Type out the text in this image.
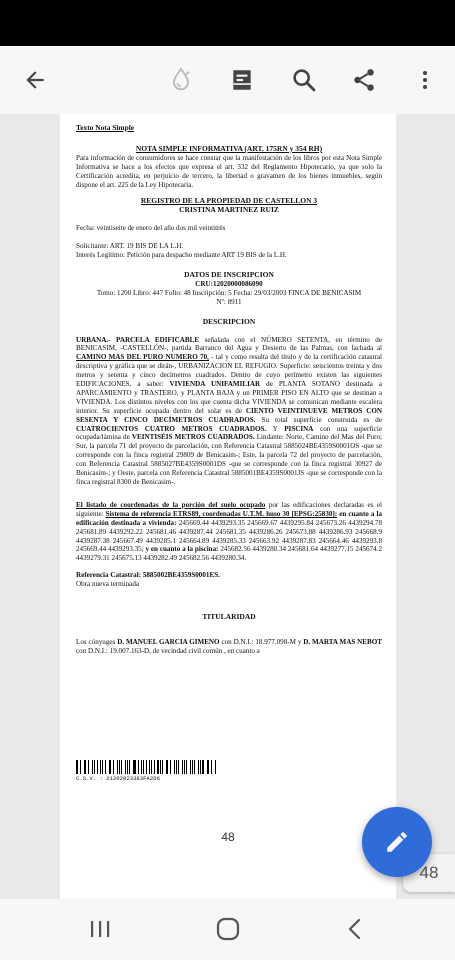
Texto Nota Simple
NOTA SIMPLE INFORMATIVA (ART. 175RN y 354 RH)

Para información de consumidores se hace constar que la manifestación de los libros por esta Nota Simple Informativa se hace a los efectos que expresa el art. 332 del Reglamento Hipotecario, ya que solo la Certificación acredita, en perjuicio de tercero, la libertad o gravamen de los bienes inmuebles, según dispone el art. 225 de la Ley Hipotecaria.

REGISTRO DE LA PROPIEDAD DE CASTELLON 3
CRISTINA MARTINEZ RUIZ

Fecha: veintiseite de enero del año dos mil veintitrés

Solicitante: ART. 19 BIS DE LA L.H.

Interés Legítimo: Petición para despacho mediante ART 19 BIS de la L.H.

DATOS DE INSCRIPCION
CRU:12020000086090
Tomo: 1200 Libro: 447 Folio: 48 Inscripción: 5 Fecha: 29/03/2003 FINCA DE BENICASIM Nº: 8911
DESCRIPCION

URBANA.- PARCELA EDIFICABLE señalada con el NÚMERO SETENTA, en término de BENICASIM, -CASTELLÓN-, partida Barranco del Agua y Desierto de las Palmas, con fachada al CAMINO MAS DEL PURO NUMERO 70, - tal y como resulta del título y de la certificación catastral descriptiva y gráfica que se dirán-, URBANIZACION EL REFUGIO. Superficie: seiscientos treinta y dos metros y setenta y cinco decímetros cuadrados. Dentro de cuyo perímetro existen las siguientes EDIFICACIONES, a saber: VIVIENDA UNIFAMILIAR de PLANTA SOTANO destinada a APARCAMIENTO y TRASTERO, y PLANTA BAJA y un PRIMER PISO EN ALTO que se destinan a VIVIENDA. Los distintos niveles con los que cuenta dicha VIVIENDA se comunican mediante escalera interior. Su superficie ocupada dentro del solar es de CIENTO VEINTINUEVE METROS CON SESENTA Y CINCO DECÍMETROS CUADRADOS. Su total superficie construida es de CUATROCIENTOS CUATRO METROS CUADRADOS. Y PISCINA con una superficie ocupada/lámina de VEINTISÉIS METROS CUADRADOS. Lindante: Norte, Camino del Mas del Puro; Sur, la parcela 71 del proyecto de parcelación, con Referencia Catastral 5885024BE4359S0001OS -que se corresponde con la finca registral 29809 de Benicasim-; Este, la parcela 72 del proyecto de parcelación, con Referencia Catastral 5885027BE4359S0001DS -que se corresponde con la finca registral 30927 de Benicasim-; y Oeste, parcela con Referencia Catastral 5885001BE4359S0001JS -que se corresponde con la finca registral 8300 de Benicasim-.

El listado de coordenadas de la porción del suelo ocupado por las edificaciones declaradas es el siguiente: Sistema de referencia ETRS89, coordenadas U.T.M. huso 30 [EPSG:25830]: en cuanto a la edificación destinada a vivienda: 245669.44 4439293.35 245669.67 4439295.84 245673.26 4439294.78 245681.89 4439292.22 245681.46 4439287.44 245681.35 4439286.26 245673.88 4439286.93 245668.9 4439287.38 245667.49 4439285.1 245664.89 4439285.33 245663.92 4439287.83 245664.46 4439293.8 245669.44 4439293.35; y en cuanto a la piscina: 245682.56 4439280.34 245681.64 4439277.15 245674.2 4439279.31 245675.13 4439282.49 245682.56 4439280.34.

Referencia Catastral: 5885002BE4359S0001ES.

Obra nueva terminada

TITULARIDAD

Los cónyuges D. MANUEL GARCIA GIMENO con D.N.I.: 18.977.098-M y D. MARTA MAS NEBOT con D.N.I.: 19.007.163-D, de vecindad civil común , en cuanto a

C.S.V. : 21202023383FA2D6
48
48
